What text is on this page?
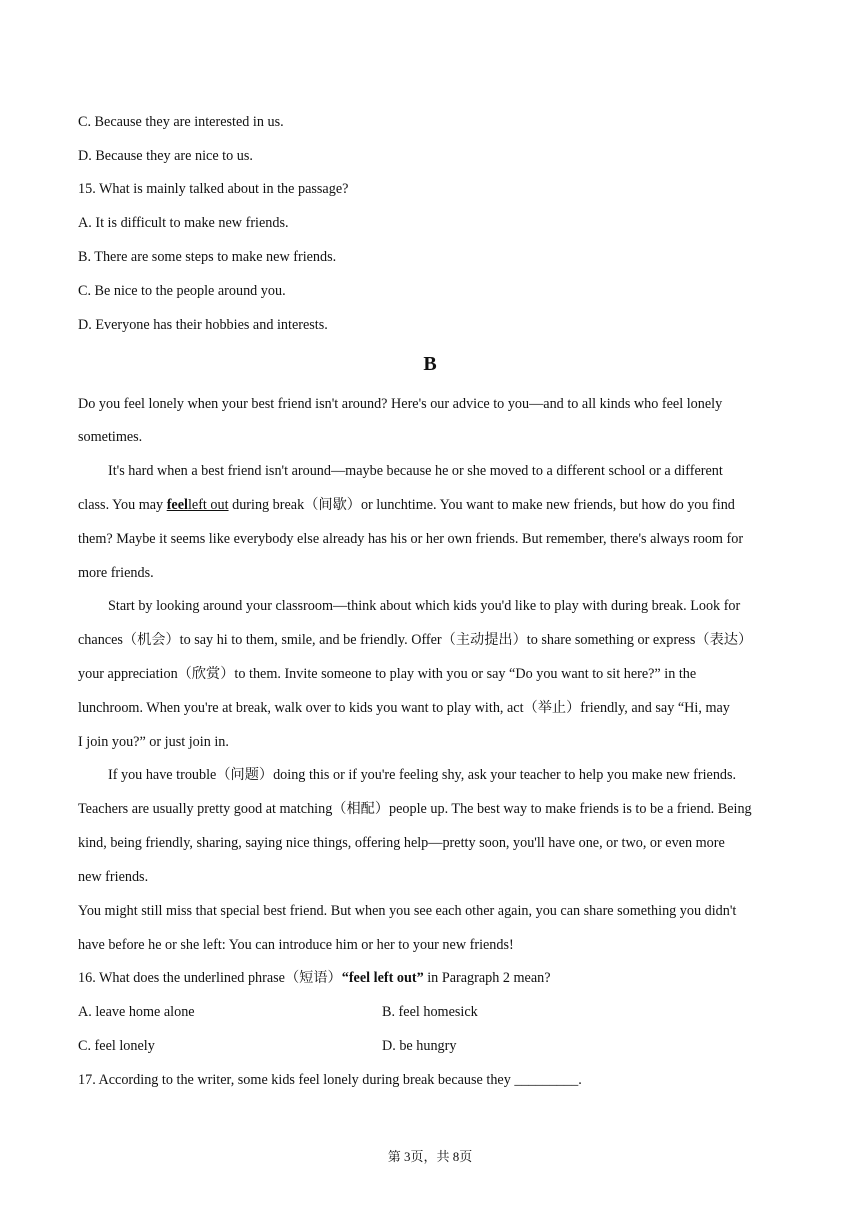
C. Because they are interested in us.
D. Because they are nice to us.
15. What is mainly talked about in the passage?
A. It is difficult to make new friends.
B. There are some steps to make new friends.
C. Be nice to the people around you.
D. Everyone has their hobbies and interests.
B
Do you feel lonely when your best friend isn't around? Here's our advice to you—and to all kinds who feel lonely
sometimes.
It's hard when a best friend isn't around—maybe because he or she moved to a different school or a different
class. You may feelleft out during break（间歇）or lunchtime. You want to make new friends, but how do you find
them? Maybe it seems like everybody else already has his or her own friends. But remember, there's always room for
more friends.
Start by looking around your classroom—think about which kids you'd like to play with during break. Look for
chances（机会）to say hi to them, smile, and be friendly. Offer（主动提出）to share something or express（表达）
your appreciation（欣赏）to them. Invite someone to play with you or say “Do you want to sit here?” in the
lunchroom. When you're at break, walk over to kids you want to play with, act（举止）friendly, and say “Hi, may
I join you?” or just join in.
If you have trouble（问题）doing this or if you're feeling shy, ask your teacher to help you make new friends.
Teachers are usually pretty good at matching（相配）people up. The best way to make friends is to be a friend. Being
kind, being friendly, sharing, saying nice things, offering help—pretty soon, you'll have one, or two, or even more
new friends.
You might still miss that special best friend. But when you see each other again, you can share something you didn't
have before he or she left: You can introduce him or her to your new friends!
16. What does the underlined phrase（短语）“feel left out” in Paragraph 2 mean?
A. leave home alone	B. feel homesick
C. feel lonely	D. be hungry
17. According to the writer, some kids feel lonely during break because they _________.
第 3页，共 8页
